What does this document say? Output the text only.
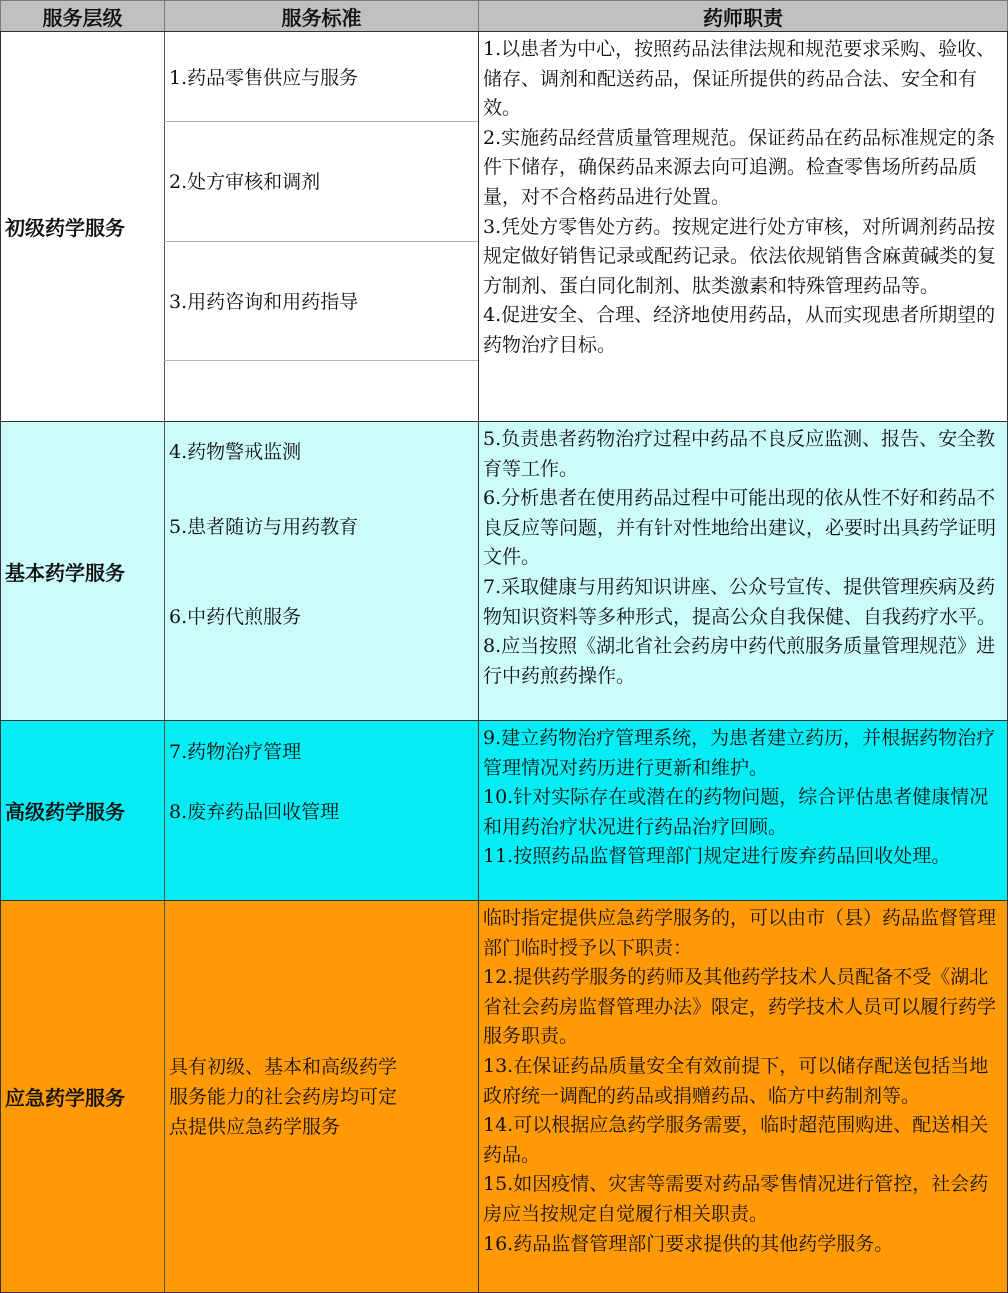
服务层级	服务标准	药师职责
初级药学服务
1.药品零售供应与服务
2.处方审核和调剂
3.用药咨询和用药指导

1.以患者为中心，按照药品法律法规和规范要求采购、验收、储存、调剂和配送药品，保证所提供的药品合法、安全和有效。

2.实施药品经营质量管理规范。保证药品在药品标准规定的条件下储存，确保药品来源去向可追溯。检查零售场所药品质量，对不合格药品进行处置。

3.凭处方零售处方药。按规定进行处方审核，对所调剂药品按规定做好销售记录或配药记录。依法依规销售含麻黄碱类的复方制剂、蛋白同化制剂、肽类激素和特殊管理药品等。

4.促进安全、合理、经济地使用药品，从而实现患者所期望的药物治疗目标。

基本药学服务
4.药物警戒监测
5.患者随访与用药教育
6.中药代煎服务

5.负责患者药物治疗过程中药品不良反应监测、报告、安全教育等工作。

6.分析患者在使用药品过程中可能出现的依从性不好和药品不良反应等问题，并有针对性地给出建议，必要时出具药学证明文件。

7.采取健康与用药知识讲座、公众号宣传、提供管理疾病及药物知识资料等多种形式，提高公众自我保健、自我药疗水平。

8.应当按照《湖北省社会药房中药代煎服务质量管理规范》进行中药煎药操作。

高级药学服务
7.药物治疗管理
8.废弃药品回收管理

9.建立药物治疗管理系统，为患者建立药历，并根据药物治疗管理情况对药历进行更新和维护。

10.针对实际存在或潜在的药物问题，综合评估患者健康情况和用药治疗状况进行药品治疗回顾。

11.按照药品监督管理部门规定进行废弃药品回收处理。

应急药学服务
具有初级、基本和高级药学
服务能力的社会药房均可定
点提供应急药学服务

临时指定提供应急药学服务的，可以由市（县）药品监督管理部门临时授予以下职责：

12.提供药学服务的药师及其他药学技术人员配备不受《湖北省社会药房监督管理办法》限定，药学技术人员可以履行药学服务职责。

13.在保证药品质量安全有效前提下，可以储存配送包括当地政府统一调配的药品或捐赠药品、临方中药制剂等。

14.可以根据应急药学服务需要，临时超范围购进、配送相关药品。

15.如因疫情、灾害等需要对药品零售情况进行管控，社会药房应当按规定自觉履行相关职责。

16.药品监督管理部门要求提供的其他药学服务。
